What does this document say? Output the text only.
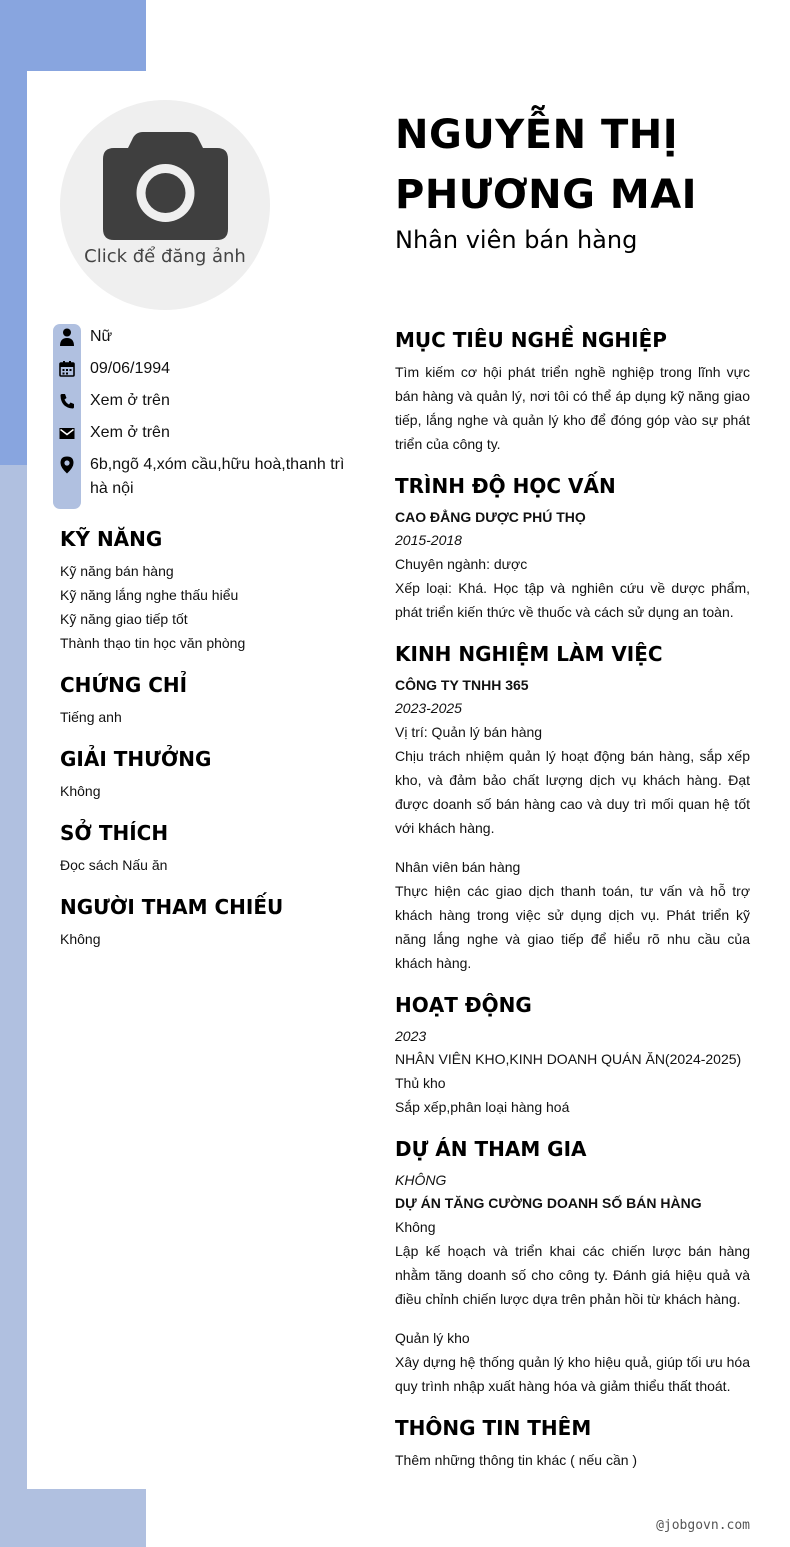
Click để đăng ảnh
NGUYỄN THỊ
PHƯƠNG MAI
Nhân viên bán hàng
Nữ
09/06/1994
Xem ở trên
Xem ở trên
6b,ngõ 4,xóm cầu,hữu hoà,thanh trì hà nội
KỸ NĂNG
Kỹ năng bán hàng
Kỹ năng lắng nghe thấu hiểu
Kỹ năng giao tiếp tốt
Thành thạo tin học văn phòng
CHỨNG CHỈ
Tiếng anh
GIẢI THƯỞNG
Không
SỞ THÍCH
Đọc sách Nấu ăn
NGƯỜI THAM CHIẾU
Không
MỤC TIÊU NGHỀ NGHIỆP
Tìm kiếm cơ hội phát triển nghề nghiệp trong lĩnh vực bán hàng và quản lý, nơi tôi có thể áp dụng kỹ năng giao tiếp, lắng nghe và quản lý kho để đóng góp vào sự phát triển của công ty.
TRÌNH ĐỘ HỌC VẤN
CAO ĐẲNG DƯỢC PHÚ THỌ
2015-2018
Chuyên ngành: dược
Xếp loại: Khá. Học tập và nghiên cứu về dược phẩm, phát triển kiến thức về thuốc và cách sử dụng an toàn.
KINH NGHIỆM LÀM VIỆC
CÔNG TY TNHH 365
2023-2025
Vị trí: Quản lý bán hàng
Chịu trách nhiệm quản lý hoạt động bán hàng, sắp xếp kho, và đảm bảo chất lượng dịch vụ khách hàng. Đạt được doanh số bán hàng cao và duy trì mối quan hệ tốt với khách hàng.
Nhân viên bán hàng
Thực hiện các giao dịch thanh toán, tư vấn và hỗ trợ khách hàng trong việc sử dụng dịch vụ. Phát triển kỹ năng lắng nghe và giao tiếp để hiểu rõ nhu cầu của khách hàng.
HOẠT ĐỘNG
2023
NHÂN VIÊN KHO,KINH DOANH QUÁN ĂN(2024-2025)
Thủ kho
Sắp xếp,phân loại hàng hoá
DỰ ÁN THAM GIA
KHÔNG
DỰ ÁN TĂNG CƯỜNG DOANH SỐ BÁN HÀNG
Không
Lập kế hoạch và triển khai các chiến lược bán hàng nhằm tăng doanh số cho công ty. Đánh giá hiệu quả và điều chỉnh chiến lược dựa trên phản hồi từ khách hàng.
Quản lý kho
Xây dựng hệ thống quản lý kho hiệu quả, giúp tối ưu hóa quy trình nhập xuất hàng hóa và giảm thiểu thất thoát.
THÔNG TIN THÊM
Thêm những thông tin khác ( nếu cần )
@jobgovn.com
